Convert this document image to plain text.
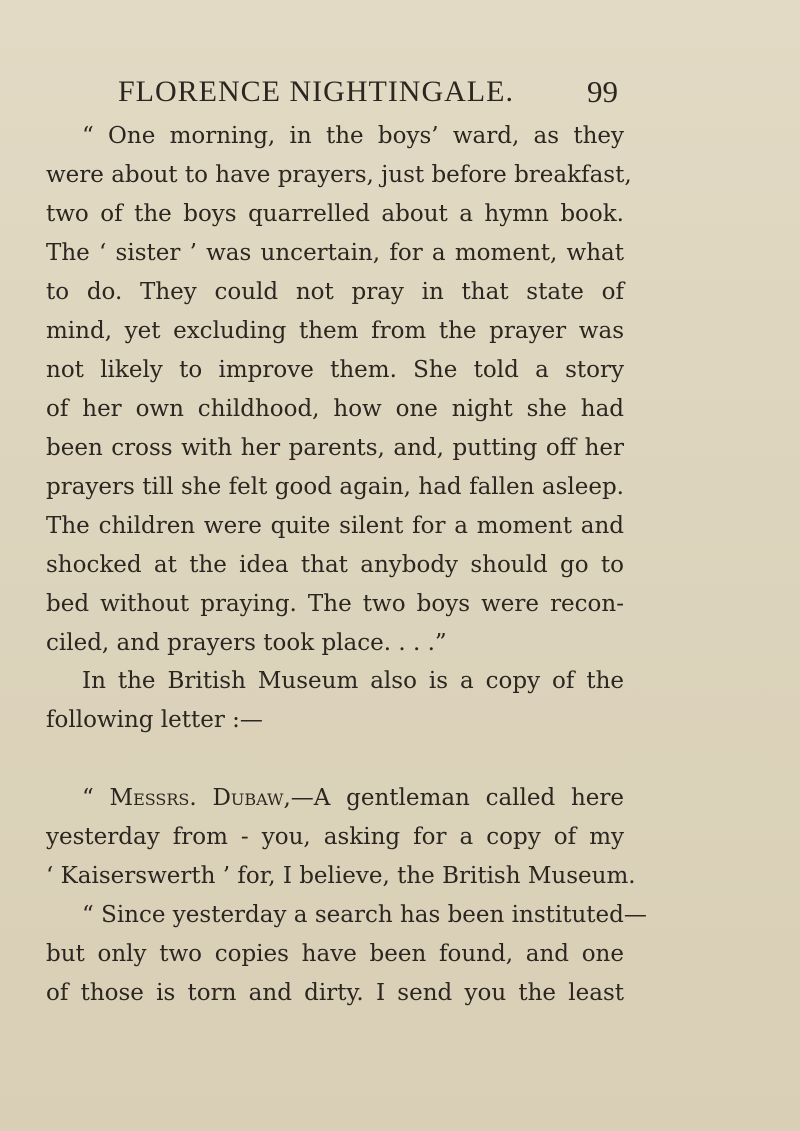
FLORENCE NIGHTINGALE.	99
“ One morning, in the boys’ ward, as they
were about to have prayers, just before breakfast,
two of the boys quarrelled about a hymn book.
The ‘ sister ’ was uncertain, for a moment, what
to do. They could not pray in that state of
mind, yet excluding them from the prayer was
not likely to improve them. She told a story
of her own childhood, how one night she had
been cross with her parents, and, putting off her
prayers till she felt good again, had fallen asleep.
The children were quite silent for a moment and
shocked at the idea that anybody should go to
bed without praying. The two boys were recon-
ciled, and prayers took place. . . .”
In the British Museum also is a copy of the
following letter :—
“ Messrs. Dubaw,—A gentleman called here
yesterday from - you, asking for a copy of my
‘ Kaiserswerth ’ for, I believe, the British Museum.
“ Since yesterday a search has been instituted—
but only two copies have been found, and one
of those is torn and dirty. I send you the least
